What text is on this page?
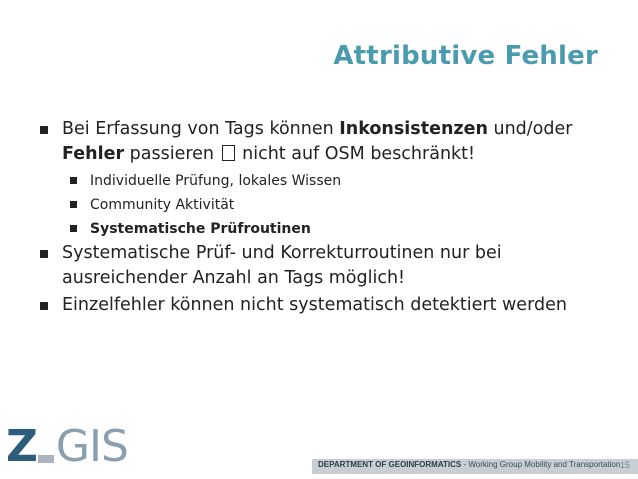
Attributive Fehler
Bei Erfassung von Tags können Inkonsistenzen und/oder Fehler passieren  nicht auf OSM beschränkt!
Individuelle Prüfung, lokales Wissen
Community Aktivität
Systematische Prüfroutinen
Systematische Prüf- und Korrekturroutinen nur bei ausreichender Anzahl an Tags möglich!
Einzelfehler können nicht systematisch detektiert werden
Z GIS	DEPARTMENT OF GEOINFORMATICS - Working Group Mobility and Transportation 15
